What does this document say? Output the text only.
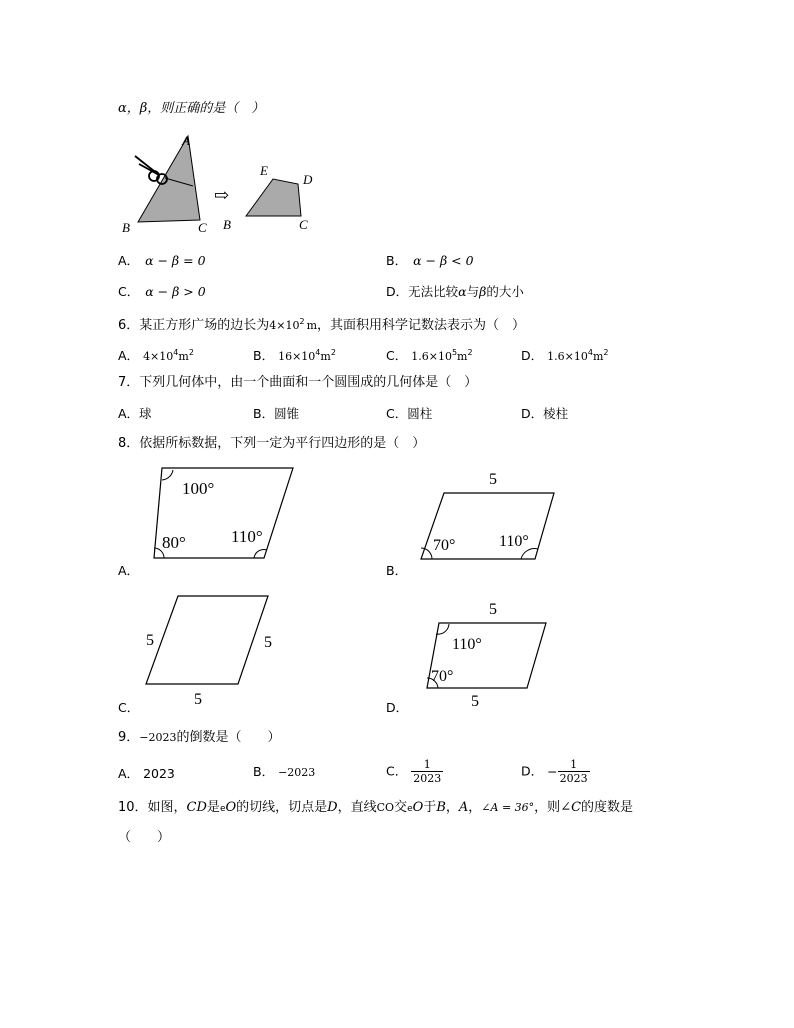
α，β，则正确的是（　）
A
B	C
⇨
E
D
B	C
A． α − β = 0	B． α − β < 0
C． α − β > 0	D．无法比较α与β的大小
6．某正方形广场的边长为$4\times 10^2$ m，其面积用科学记数法表示为（　）
A． $4\times 10^4m^2$	B． $16\times 10^4m^2$	C． $1.6\times 10^5m^2$	D． $1.6\times 10^4m^2$
7．下列几何体中，由一个曲面和一个圆围成的几何体是（　）
A．球	B．圆锥	C．圆柱	D．棱柱
8．依据所标数据，下列一定为平行四边形的是（　）
100°
80°	110°
A．
5
70°	110°
B．
5	5
5
C．
5
110°
70°
5
D．
9．−2023的倒数是（　　）
A． 2023	B． −2023	C． $\frac{1}{2023}$	D． − $\frac{1}{2023}$
10．如图，CD是eO的切线，切点是D，直线CO交eO于B，A，∠A = 36°，则∠C的度数是
（　　）
